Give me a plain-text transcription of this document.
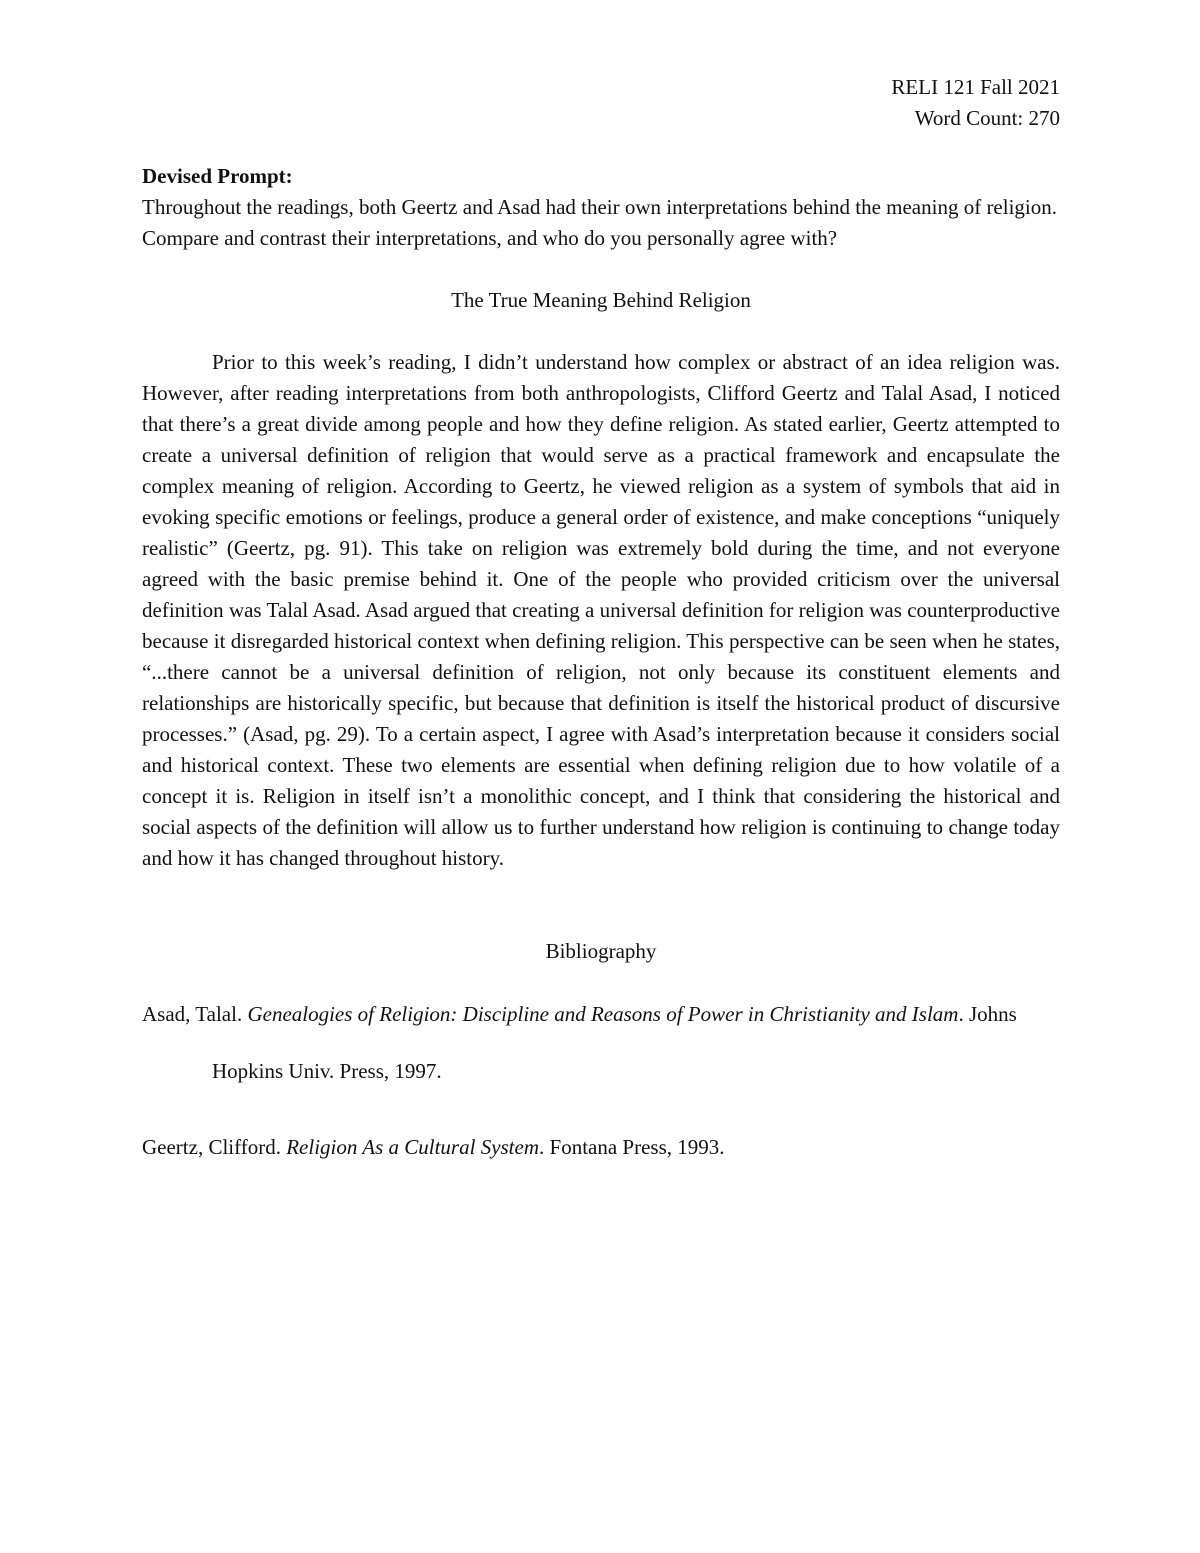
RELI 121 Fall 2021
Word Count: 270
Devised Prompt:

Throughout the readings, both Geertz and Asad had their own interpretations behind the meaning of religion. Compare and contrast their interpretations, and who do you personally agree with?

The True Meaning Behind Religion

Prior to this week’s reading, I didn’t understand how complex or abstract of an idea religion was. However, after reading interpretations from both anthropologists, Clifford Geertz and Talal Asad, I noticed that there’s a great divide among people and how they define religion. As stated earlier, Geertz attempted to create a universal definition of religion that would serve as a practical framework and encapsulate the complex meaning of religion. According to Geertz, he viewed religion as a system of symbols that aid in evoking specific emotions or feelings, produce a general order of existence, and make conceptions “uniquely realistic” (Geertz, pg. 91). This take on religion was extremely bold during the time, and not everyone agreed with the basic premise behind it. One of the people who provided criticism over the universal definition was Talal Asad. Asad argued that creating a universal definition for religion was counterproductive because it disregarded historical context when defining religion. This perspective can be seen when he states, “...there cannot be a universal definition of religion, not only because its constituent elements and relationships are historically specific, but because that definition is itself the historical product of discursive processes.” (Asad, pg. 29). To a certain aspect, I agree with Asad’s interpretation because it considers social and historical context. These two elements are essential when defining religion due to how volatile of a concept it is. Religion in itself isn’t a monolithic concept, and I think that considering the historical and social aspects of the definition will allow us to further understand how religion is continuing to change today and how it has changed throughout history.

Bibliography
Asad, Talal. Genealogies of Religion: Discipline and Reasons of Power in Christianity and Islam. Johns Hopkins Univ. Press, 1997.
Geertz, Clifford. Religion As a Cultural System. Fontana Press, 1993.
